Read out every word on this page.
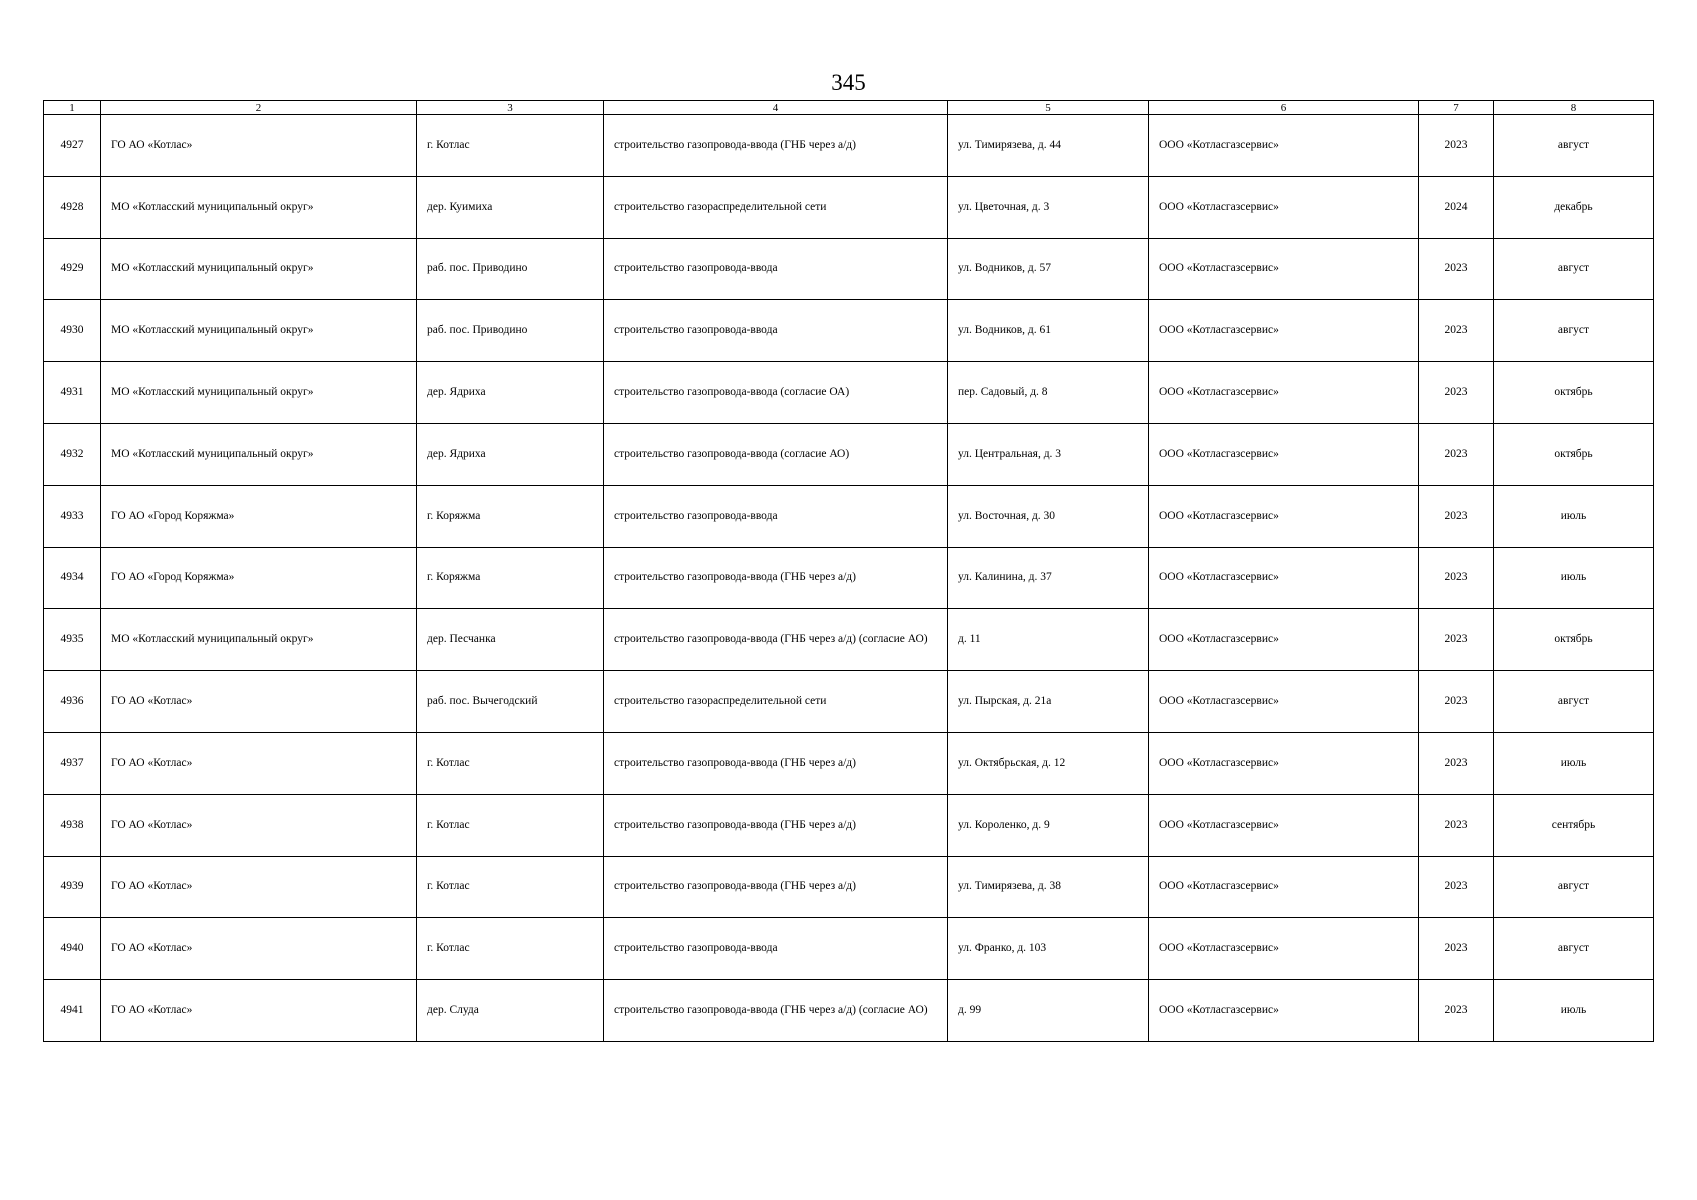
345
1	2	3	4	5	6	7	8
4927	ГО АО «Котлас»	г. Котлас	строительство газопровода-ввода (ГНБ через а/д)	ул. Тимирязева, д. 44	ООО «Котласгазсервис»	2023	август
4928	МО «Котласский муниципальный округ»	дер. Куимиха	строительство газораспределительной сети	ул. Цветочная, д. 3	ООО «Котласгазсервис»	2024	декабрь
4929	МО «Котласский муниципальный округ»	раб. пос. Приводино	строительство газопровода-ввода	ул. Водников, д. 57	ООО «Котласгазсервис»	2023	август
4930	МО «Котласский муниципальный округ»	раб. пос. Приводино	строительство газопровода-ввода	ул. Водников, д. 61	ООО «Котласгазсервис»	2023	август
4931	МО «Котласский муниципальный округ»	дер. Ядриха	строительство газопровода-ввода (согласие ОА)	пер. Садовый, д. 8	ООО «Котласгазсервис»	2023	октябрь
4932	МО «Котласский муниципальный округ»	дер. Ядриха	строительство газопровода-ввода (согласие АО)	ул. Центральная, д. 3	ООО «Котласгазсервис»	2023	октябрь
4933	ГО АО «Город Коряжма»	г. Коряжма	строительство газопровода-ввода	ул. Восточная, д. 30	ООО «Котласгазсервис»	2023	июль
4934	ГО АО «Город Коряжма»	г. Коряжма	строительство газопровода-ввода (ГНБ через а/д)	ул. Калинина, д. 37	ООО «Котласгазсервис»	2023	июль
4935	МО «Котласский муниципальный округ»	дер. Песчанка	строительство газопровода-ввода (ГНБ через а/д) (согласие АО)	д. 11	ООО «Котласгазсервис»	2023	октябрь
4936	ГО АО «Котлас»	раб. пос. Вычегодский	строительство газораспределительной сети	ул. Пырская, д. 21а	ООО «Котласгазсервис»	2023	август
4937	ГО АО «Котлас»	г. Котлас	строительство газопровода-ввода (ГНБ через а/д)	ул. Октябрьская, д. 12	ООО «Котласгазсервис»	2023	июль
4938	ГО АО «Котлас»	г. Котлас	строительство газопровода-ввода (ГНБ через а/д)	ул. Короленко, д. 9	ООО «Котласгазсервис»	2023	сентябрь
4939	ГО АО «Котлас»	г. Котлас	строительство газопровода-ввода (ГНБ через а/д)	ул. Тимирязева, д. 38	ООО «Котласгазсервис»	2023	август
4940	ГО АО «Котлас»	г. Котлас	строительство газопровода-ввода	ул. Франко, д. 103	ООО «Котласгазсервис»	2023	август
4941	ГО АО «Котлас»	дер. Слуда	строительство газопровода-ввода (ГНБ через а/д) (согласие АО)	д. 99	ООО «Котласгазсервис»	2023	июль
